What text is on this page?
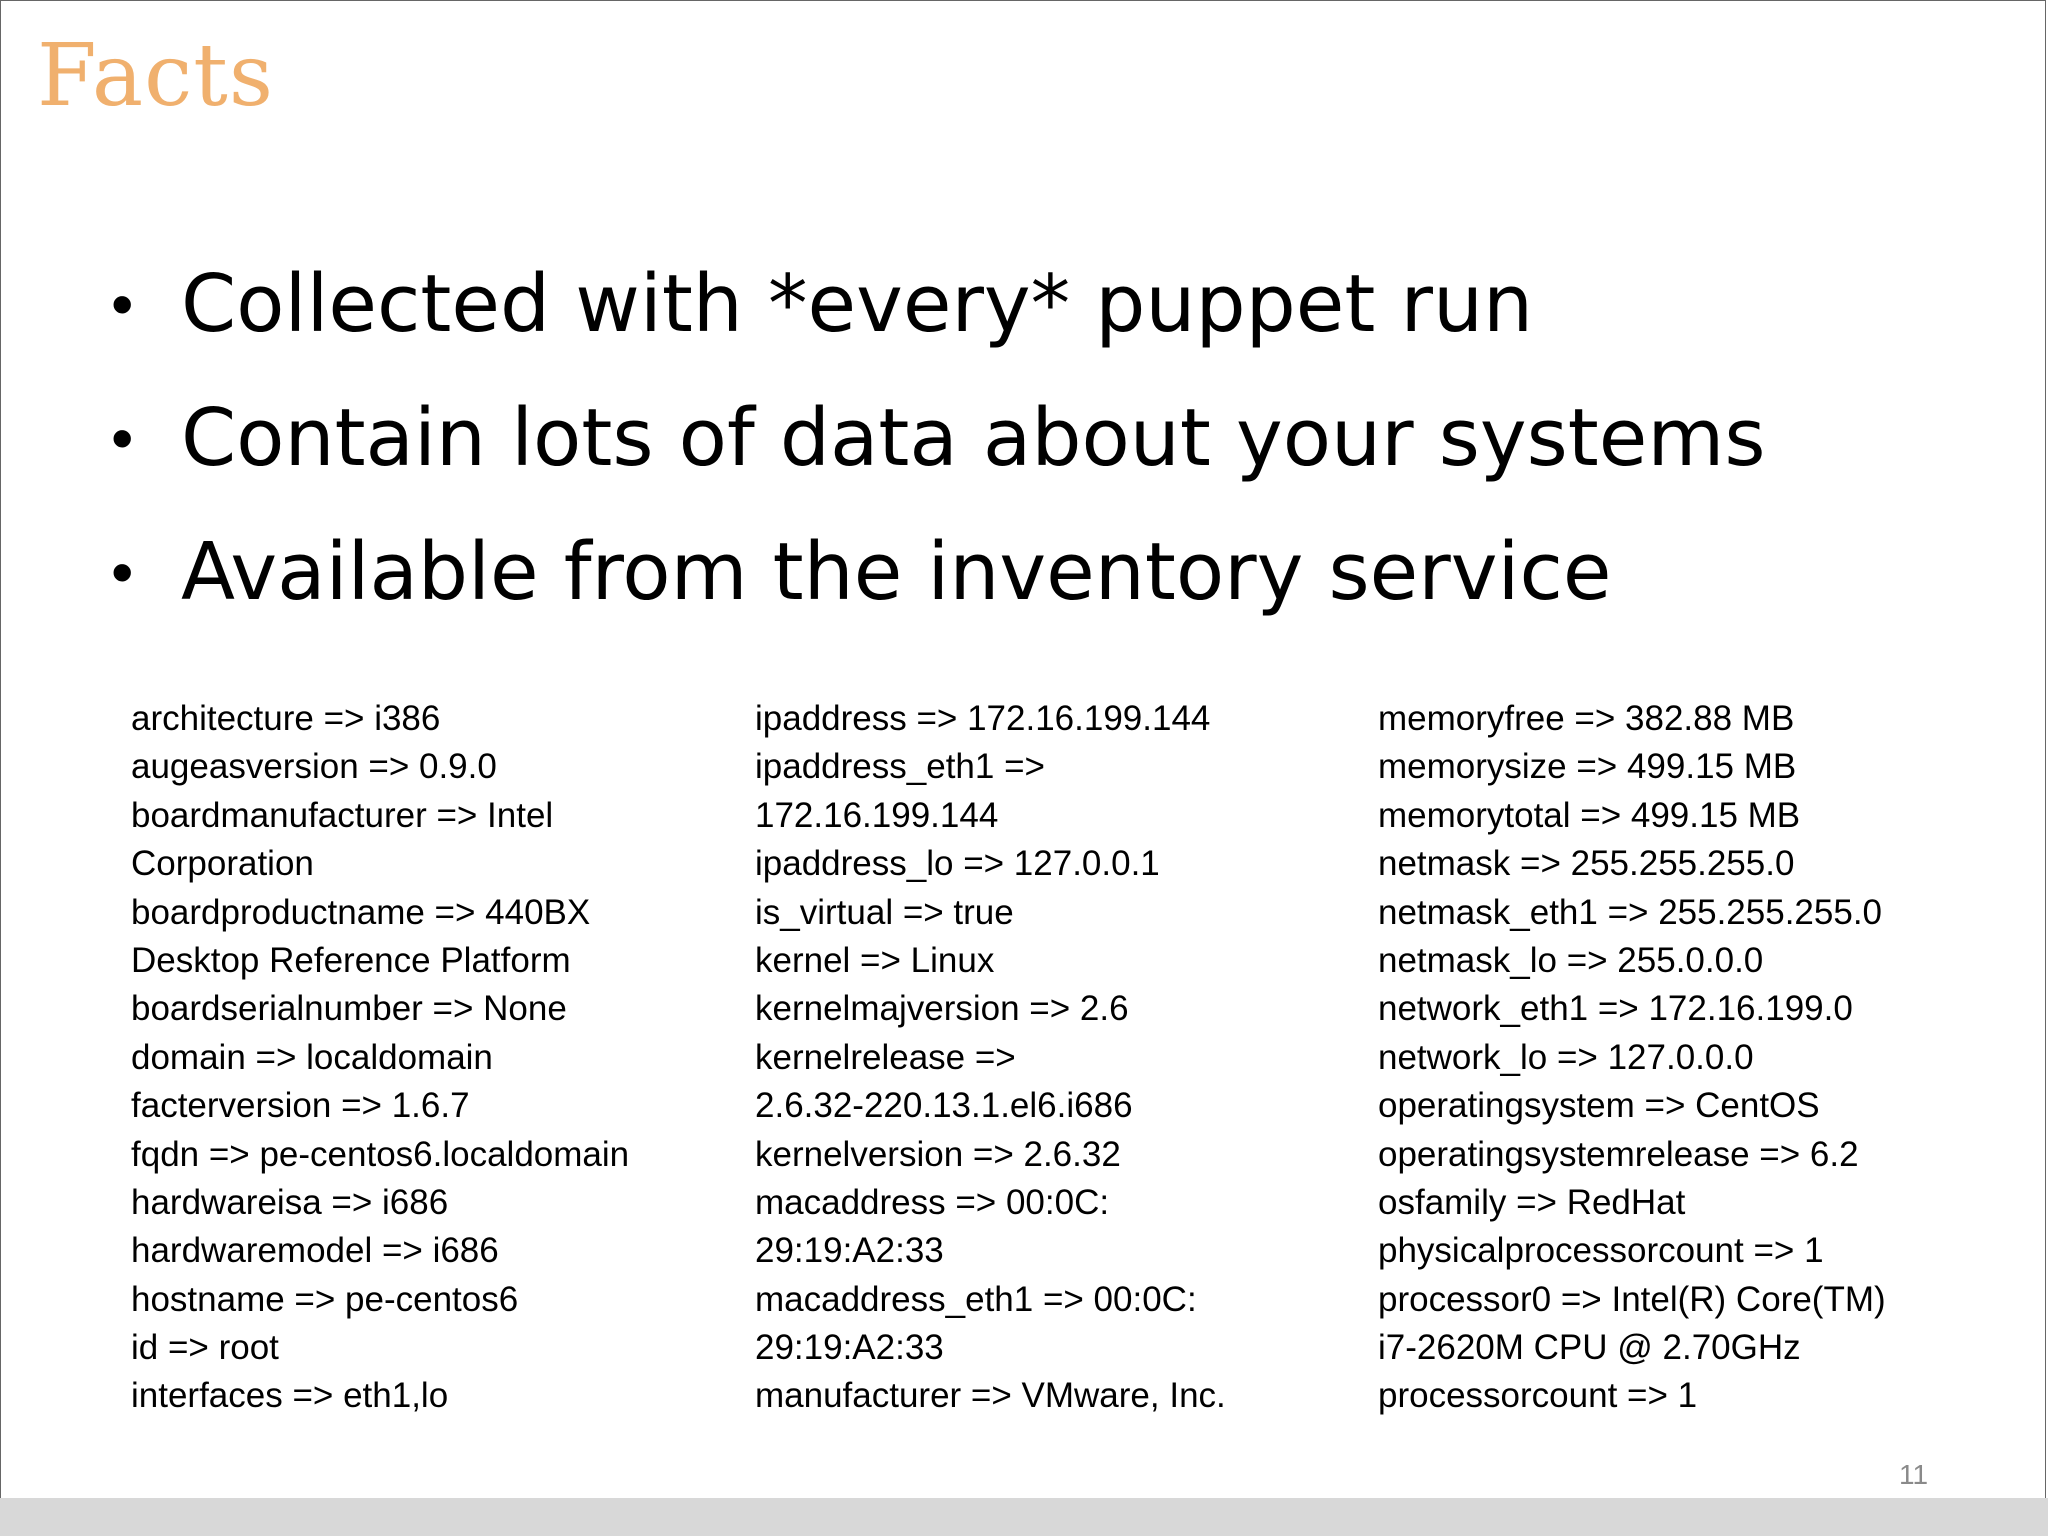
Facts
• Collected with *every* puppet run
• Contain lots of data about your systems
• Available from the inventory service
architecture => i386
augeasversion => 0.9.0
boardmanufacturer => Intel
Corporation
boardproductname => 440BX
Desktop Reference Platform
boardserialnumber => None
domain => localdomain
facterversion => 1.6.7
fqdn => pe-centos6.localdomain
hardwareisa => i686
hardwaremodel => i686
hostname => pe-centos6
id => root
interfaces => eth1,lo
ipaddress => 172.16.199.144
ipaddress_eth1 =>
172.16.199.144
ipaddress_lo => 127.0.0.1
is_virtual => true
kernel => Linux
kernelmajversion => 2.6
kernelrelease =>
2.6.32-220.13.1.el6.i686
kernelversion => 2.6.32
macaddress => 00:0C:
29:19:A2:33
macaddress_eth1 => 00:0C:
29:19:A2:33
manufacturer => VMware, Inc.
memoryfree => 382.88 MB
memorysize => 499.15 MB
memorytotal => 499.15 MB
netmask => 255.255.255.0
netmask_eth1 => 255.255.255.0
netmask_lo => 255.0.0.0
network_eth1 => 172.16.199.0
network_lo => 127.0.0.0
operatingsystem => CentOS
operatingsystemrelease => 6.2
osfamily => RedHat
physicalprocessorcount => 1
processor0 => Intel(R) Core(TM)
i7-2620M CPU @ 2.70GHz
processorcount => 1
11
